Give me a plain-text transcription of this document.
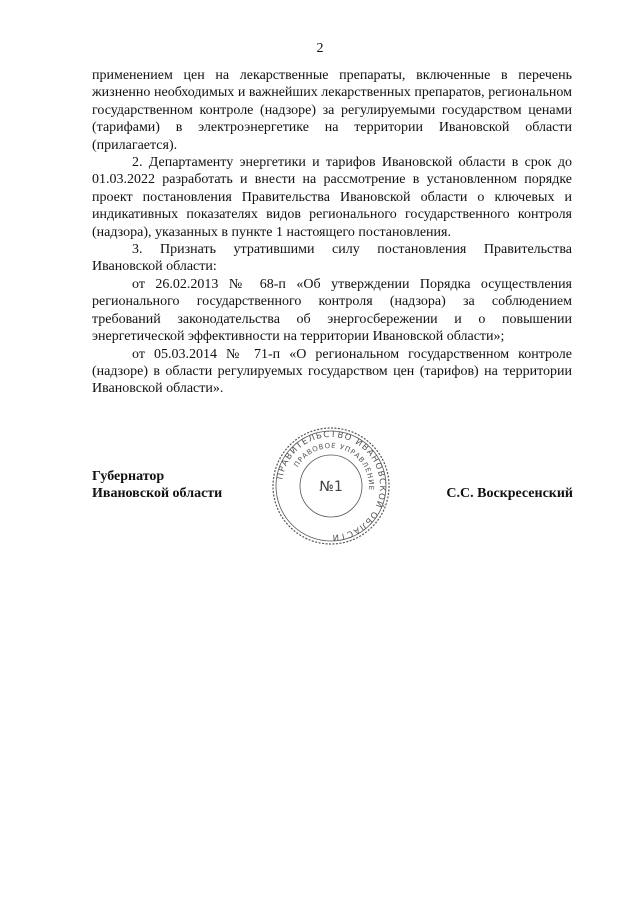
2

применением цен на лекарственные препараты, включенные в перечень жизненно необходимых и важнейших лекарственных препаратов, региональном государственном контроле (надзоре) за регулируемыми государством ценами (тарифами) в электроэнергетике на территории Ивановской области (прилагается).

2. Департаменту энергетики и тарифов Ивановской области в срок до 01.03.2022 разработать и внести на рассмотрение в установленном порядке проект постановления Правительства Ивановской области о ключевых и индикативных показателях видов регионального государственного контроля (надзора), указанных в пункте 1 настоящего постановления.

3. Признать утратившими силу постановления Правительства Ивановской области:

от 26.02.2013 № 68-п «Об утверждении Порядка осуществления регионального государственного контроля (надзора) за соблюдением требований законодательства об энергосбережении и о повышении энергетической эффективности на территории Ивановской области»;

от 05.03.2014 № 71-п «О региональном государственном контроле (надзоре) в области регулируемых государством цен (тарифов) на территории Ивановской области».

Губернатор
Ивановской области
ПРАВИТЕЛЬСТВО ИВАНОВСКОЙ ОБЛАСТИ
ПРАВОВОЕ УПРАВЛЕНИЕ
№1	С.С. Воскресенский
